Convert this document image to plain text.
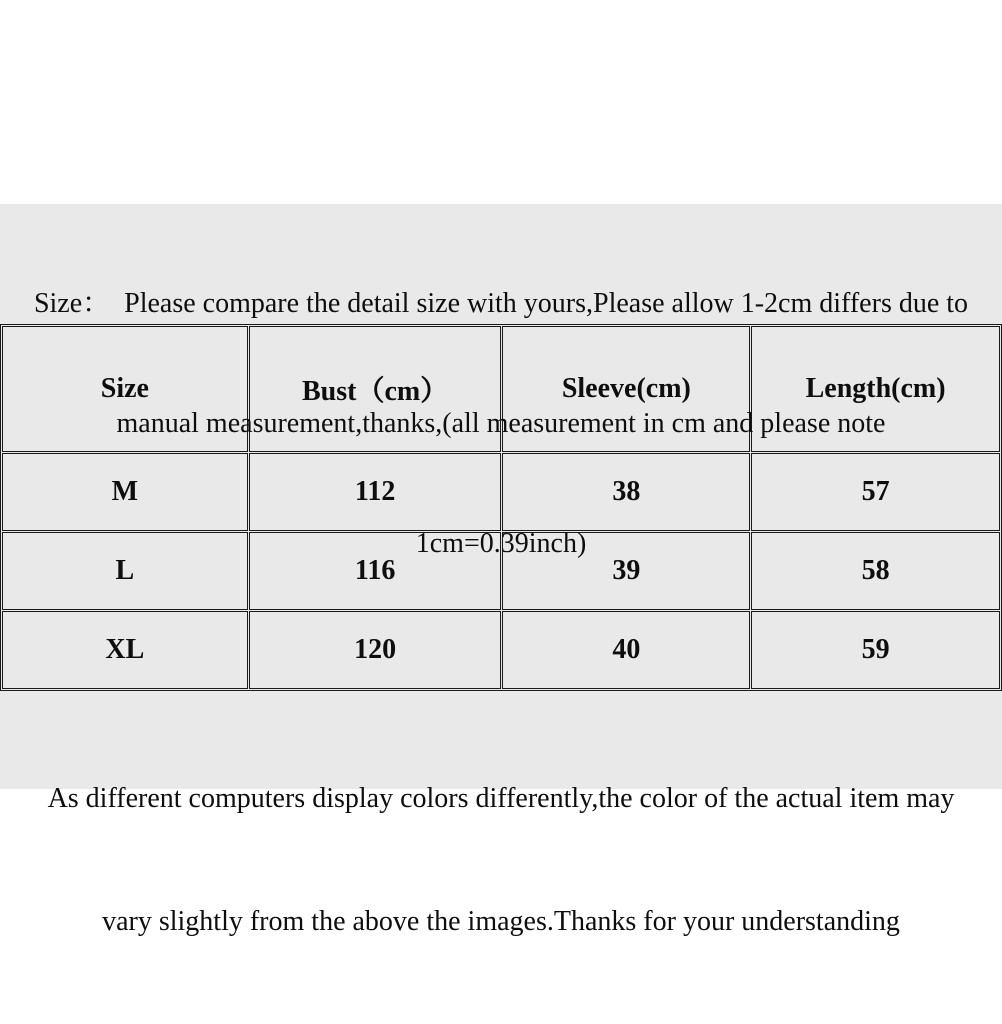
Size：  Please compare the detail size with yours,Please allow 1-2cm differs due to

manual measurement,thanks,(all measurement in cm and please note

1cm=0.39inch)

Size	Bust（cm）	Sleeve(cm)	Length(cm)
M	112	38	57
L	116	39	58
XL	120	40	59

As different computers display colors differently,the color of the actual item may

vary slightly from the above the images.Thanks for your understanding
